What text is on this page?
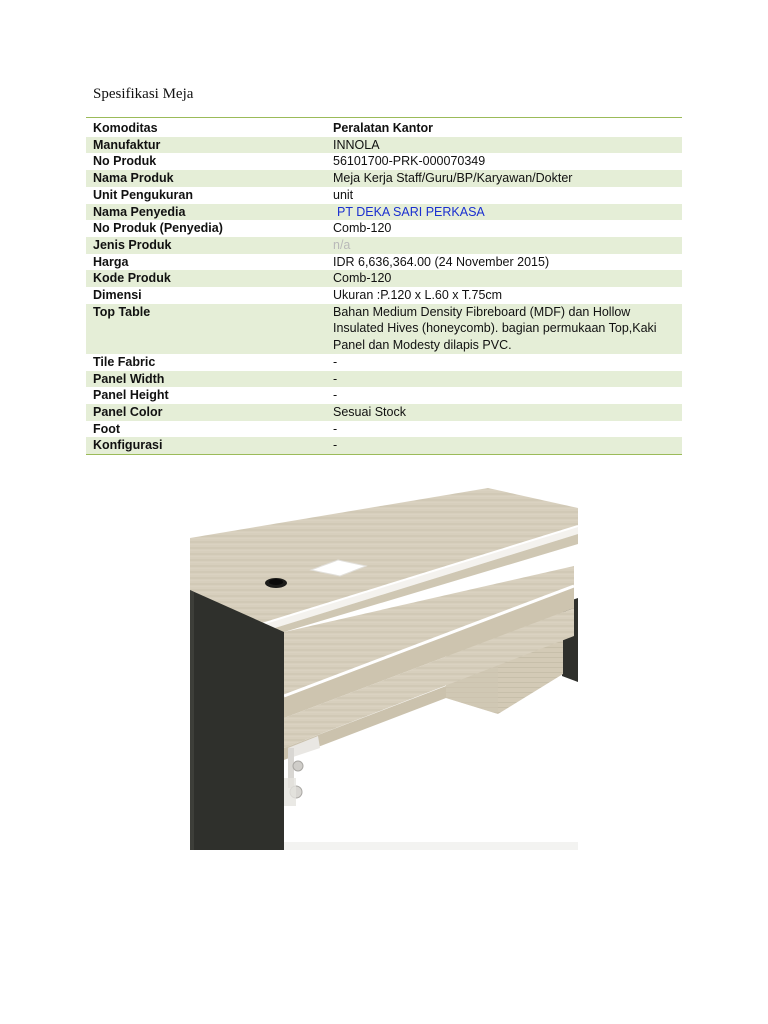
Spesifikasi Meja
Komoditas	Peralatan Kantor
Manufaktur	INNOLA
No Produk	56101700-PRK-000070349
Nama Produk	Meja Kerja Staff/Guru/BP/Karyawan/Dokter
Unit Pengukuran	unit
Nama Penyedia	PT DEKA SARI PERKASA
No Produk (Penyedia)	Comb-120
Jenis Produk	n/a
Harga	IDR 6,636,364.00 (24 November 2015)
Kode Produk	Comb-120
Dimensi	Ukuran :P.120 x L.60 x T.75cm
Top Table	Bahan Medium Density Fibreboard (MDF) dan Hollow Insulated Hives (honeycomb). bagian permukaan Top,Kaki Panel dan Modesty dilapis PVC.
Tile Fabric	-
Panel Width	-
Panel Height	-
Panel Color	Sesuai Stock
Foot	-
Konfigurasi	-
